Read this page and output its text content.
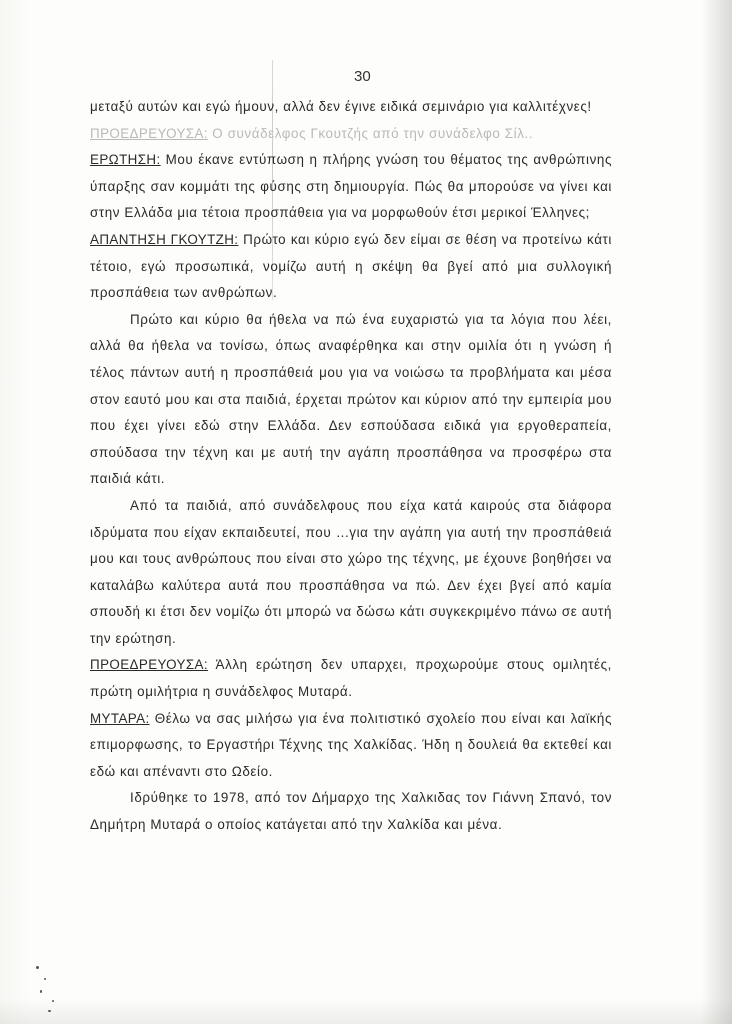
30

μεταξύ αυτών και εγώ ήμουν, αλλά δεν έγινε ειδικά σεμινάριο για καλλιτέχνες!

ΠΡΟΕΔΡΕΥΟΥΣΑ: Ο συνάδελφος Γκουτζής από την συνάδελφο Σίλ..

ΕΡΩΤΗΣΗ: Μου έκανε εντύπωση η πλήρης γνώση του θέματος της ανθρώπινης ύπαρξης σαν κομμάτι της φύσης στη δημιουργία. Πώς θα μπορούσε να γίνει και στην Ελλάδα μια τέτοια προσπάθεια για να μορφωθούν έτσι μερικοί Έλληνες;

ΑΠΑΝΤΗΣΗ ΓΚΟΥΤΖΗ: Πρώτο και κύριο εγώ δεν είμαι σε θέση να προτείνω κάτι τέτοιο, εγώ προσωπικά, νομίζω αυτή η σκέψη θα βγεί από μια συλλογική προσπάθεια των ανθρώπων.

Πρώτο και κύριο θα ήθελα να πώ ένα ευχαριστώ για τα λόγια που λέει, αλλά θα ήθελα να τονίσω, όπως αναφέρθηκα και στην ομιλία ότι η γνώση ή τέλος πάντων αυτή η προσπάθειά μου για να νοιώσω τα προβλήματα και μέσα στον εαυτό μου και στα παιδιά, έρχεται πρώτον και κύριον από την εμπειρία μου που έχει γίνει εδώ στην Ελλάδα. Δεν εσπούδασα ειδικά για εργοθεραπεία, σπούδασα την τέχνη και με αυτή την αγάπη προσπάθησα να προσφέρω στα παιδιά κάτι.

Από τα παιδιά, από συνάδελφους που είχα κατά καιρούς στα διάφορα ιδρύματα που είχαν εκπαιδευτεί, που ...για την αγάπη για αυτή την προσπάθειά μου και τους ανθρώπους που είναι στο χώρο της τέχνης, με έχουνε βοηθήσει να καταλάβω καλύτερα αυτά που προσπάθησα να πώ. Δεν έχει βγεί από καμία σπουδή κι έτσι δεν νομίζω ότι μπορώ να δώσω κάτι συγκεκριμένο πάνω σε αυτή την ερώτηση.

ΠΡΟΕΔΡΕΥΟΥΣΑ: Άλλη ερώτηση δεν υπαρχει, προχωρούμε στους ομιλητές, πρώτη ομιλήτρια η συνάδελφος Μυταρά.

ΜΥΤΑΡΑ: Θέλω να σας μιλήσω για ένα πολιτιστικό σχολείο που είναι και λαϊκής επιμορφωσης, το Εργαστήρι Τέχνης της Χαλκίδας. Ήδη η δουλειά θα εκτεθεί και εδώ και απέναντι στο Ωδείο.

Ιδρύθηκε το 1978, από τον Δήμαρχο της Χαλκιδας τον Γιάννη Σπανό, τον Δημήτρη Μυταρά ο οποίος κατάγεται από την Χαλκίδα και μένα.
